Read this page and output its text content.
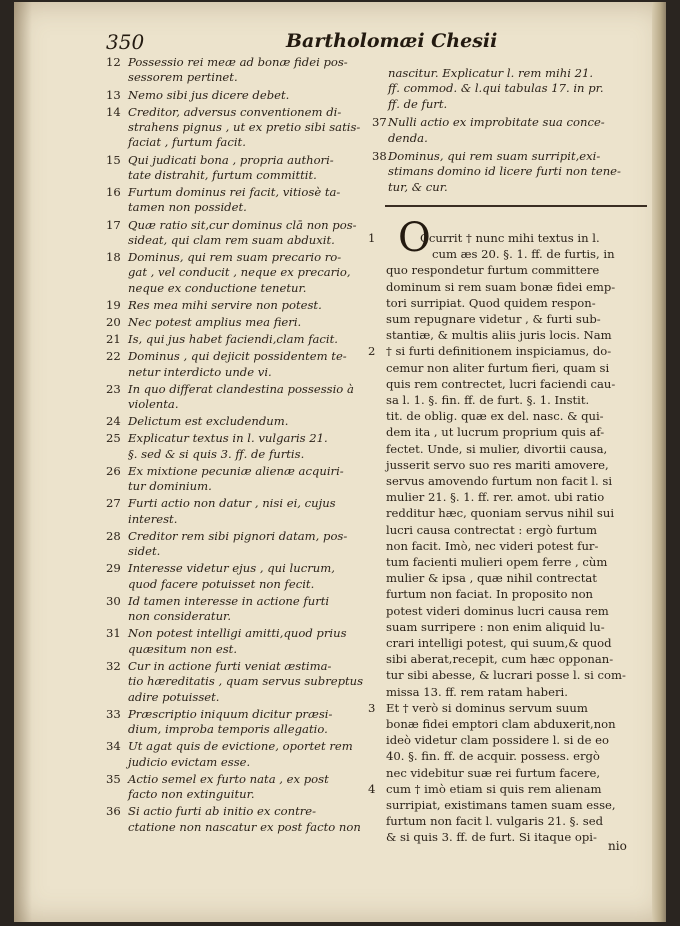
350	Bartholomæi Chesii
O
nio
12 Possessio rei meæ ad bonæ fidei pos-
sessorem pertinet.
13 Nemo sibi jus dicere debet.
14 Creditor, adversus conventionem di-
strahens pignus , ut ex pretio sibi satis-
faciat , furtum facit.
15 Qui judicati bona , propria authori-
tate distrahit, furtum committit.
16 Furtum dominus rei facit, vitiosè ta-
tamen non possidet.
17 Quæ ratio sit,cur dominus clā non pos-
sideat, qui clam rem suam abduxit.
18 Dominus, qui rem suam precario ro-
gat , vel conducit , neque ex precario,
neque ex conductione tenetur.
19 Res mea mihi servire non potest.
20 Nec potest amplius mea fieri.
21 Is, qui jus habet faciendi,clam facit.
22 Dominus , qui dejicit possidentem te-
netur interdicto unde vi.
23 In quo differat clandestina possessio à
violenta.
24 Delictum est excludendum.
25 Explicatur textus in l. vulgaris 21.
§. sed & si quis 3. ff. de furtis.
26 Ex mixtione pecuniæ alienæ acquiri-
tur dominium.
27 Furti actio non datur , nisi ei, cujus
interest.
28 Creditor rem sibi pignori datam, pos-
sidet.
29 Interesse videtur ejus , qui lucrum,
quod facere potuisset non fecit.
30 Id tamen interesse in actione furti
non consideratur.
31 Non potest intelligi amitti,quod prius
quæsitum non est.
32 Cur in actione furti veniat æstima-
tio hæreditatis , quam servus subreptus
adire potuisset.
33 Præscriptio iniquum dicitur præsi-
dium, improba temporis allegatio.
34 Ut agat quis de evictione, oportet rem
judicio evictam esse.
35 Actio semel ex furto nata , ex post
facto non extinguitur.
36 Si actio furti ab initio ex contre-
ctatione non nascatur ex post facto non
nascitur. Explicatur l. rem mihi 21.
ff. commod. & l.qui tabulas 17. in pr.
ff. de furt.
37 Nulli actio ex improbitate sua conce-
denda.
38 Dominus, qui rem suam surripit,exi-
stimans domino id licere furti non tene-
tur, & cur.
1	Ccurrit † nunc mihi textus in l.
cum æs 20. §. 1. ff. de furtis, in
quo respondetur furtum committere
dominum si rem suam bonæ fidei emp-
tori surripiat. Quod quidem respon-
sum repugnare videtur , & furti sub-
stantiæ, & multis aliis juris locis. Nam
2 † si furti definitionem inspiciamus, do-
cemur non aliter furtum fieri, quam si
quis rem contrectet, lucri faciendi cau-
sa l. 1. §. fin. ff. de furt. §. 1. Instit.
tit. de oblig. quæ ex del. nasc. & qui-
dem ita , ut lucrum proprium quis af-
fectet. Unde, si mulier, divortii causa,
jusserit servo suo res mariti amovere,
servus amovendo furtum non facit l. si
mulier 21. §. 1. ff. rer. amot. ubi ratio
redditur hæc, quoniam servus nihil sui
lucri causa contrectat : ergò furtum
non facit. Imò, nec videri potest fur-
tum facienti mulieri opem ferre , cùm
mulier & ipsa , quæ nihil contrectat
furtum non faciat. In proposito non
potest videri dominus lucri causa rem
suam surripere : non enim aliquid lu-
crari intelligi potest, qui suum,& quod
sibi aberat,recepit, cum hæc opponan-
tur sibi abesse, & lucrari posse l. si com-
missa 13. ff. rem ratam haberi.
3 Et † verò si dominus servum suum
bonæ fidei emptori clam abduxerit,non
ideò videtur clam possidere l. si de eo
40. §. fin. ff. de acquir. possess. ergò
nec videbitur suæ rei furtum facere,
4 cum † imò etiam si quis rem alienam
surripiat, existimans tamen suam esse,
furtum non facit l. vulgaris 21. §. sed
& si quis 3. ff. de furt. Si itaque opi-
